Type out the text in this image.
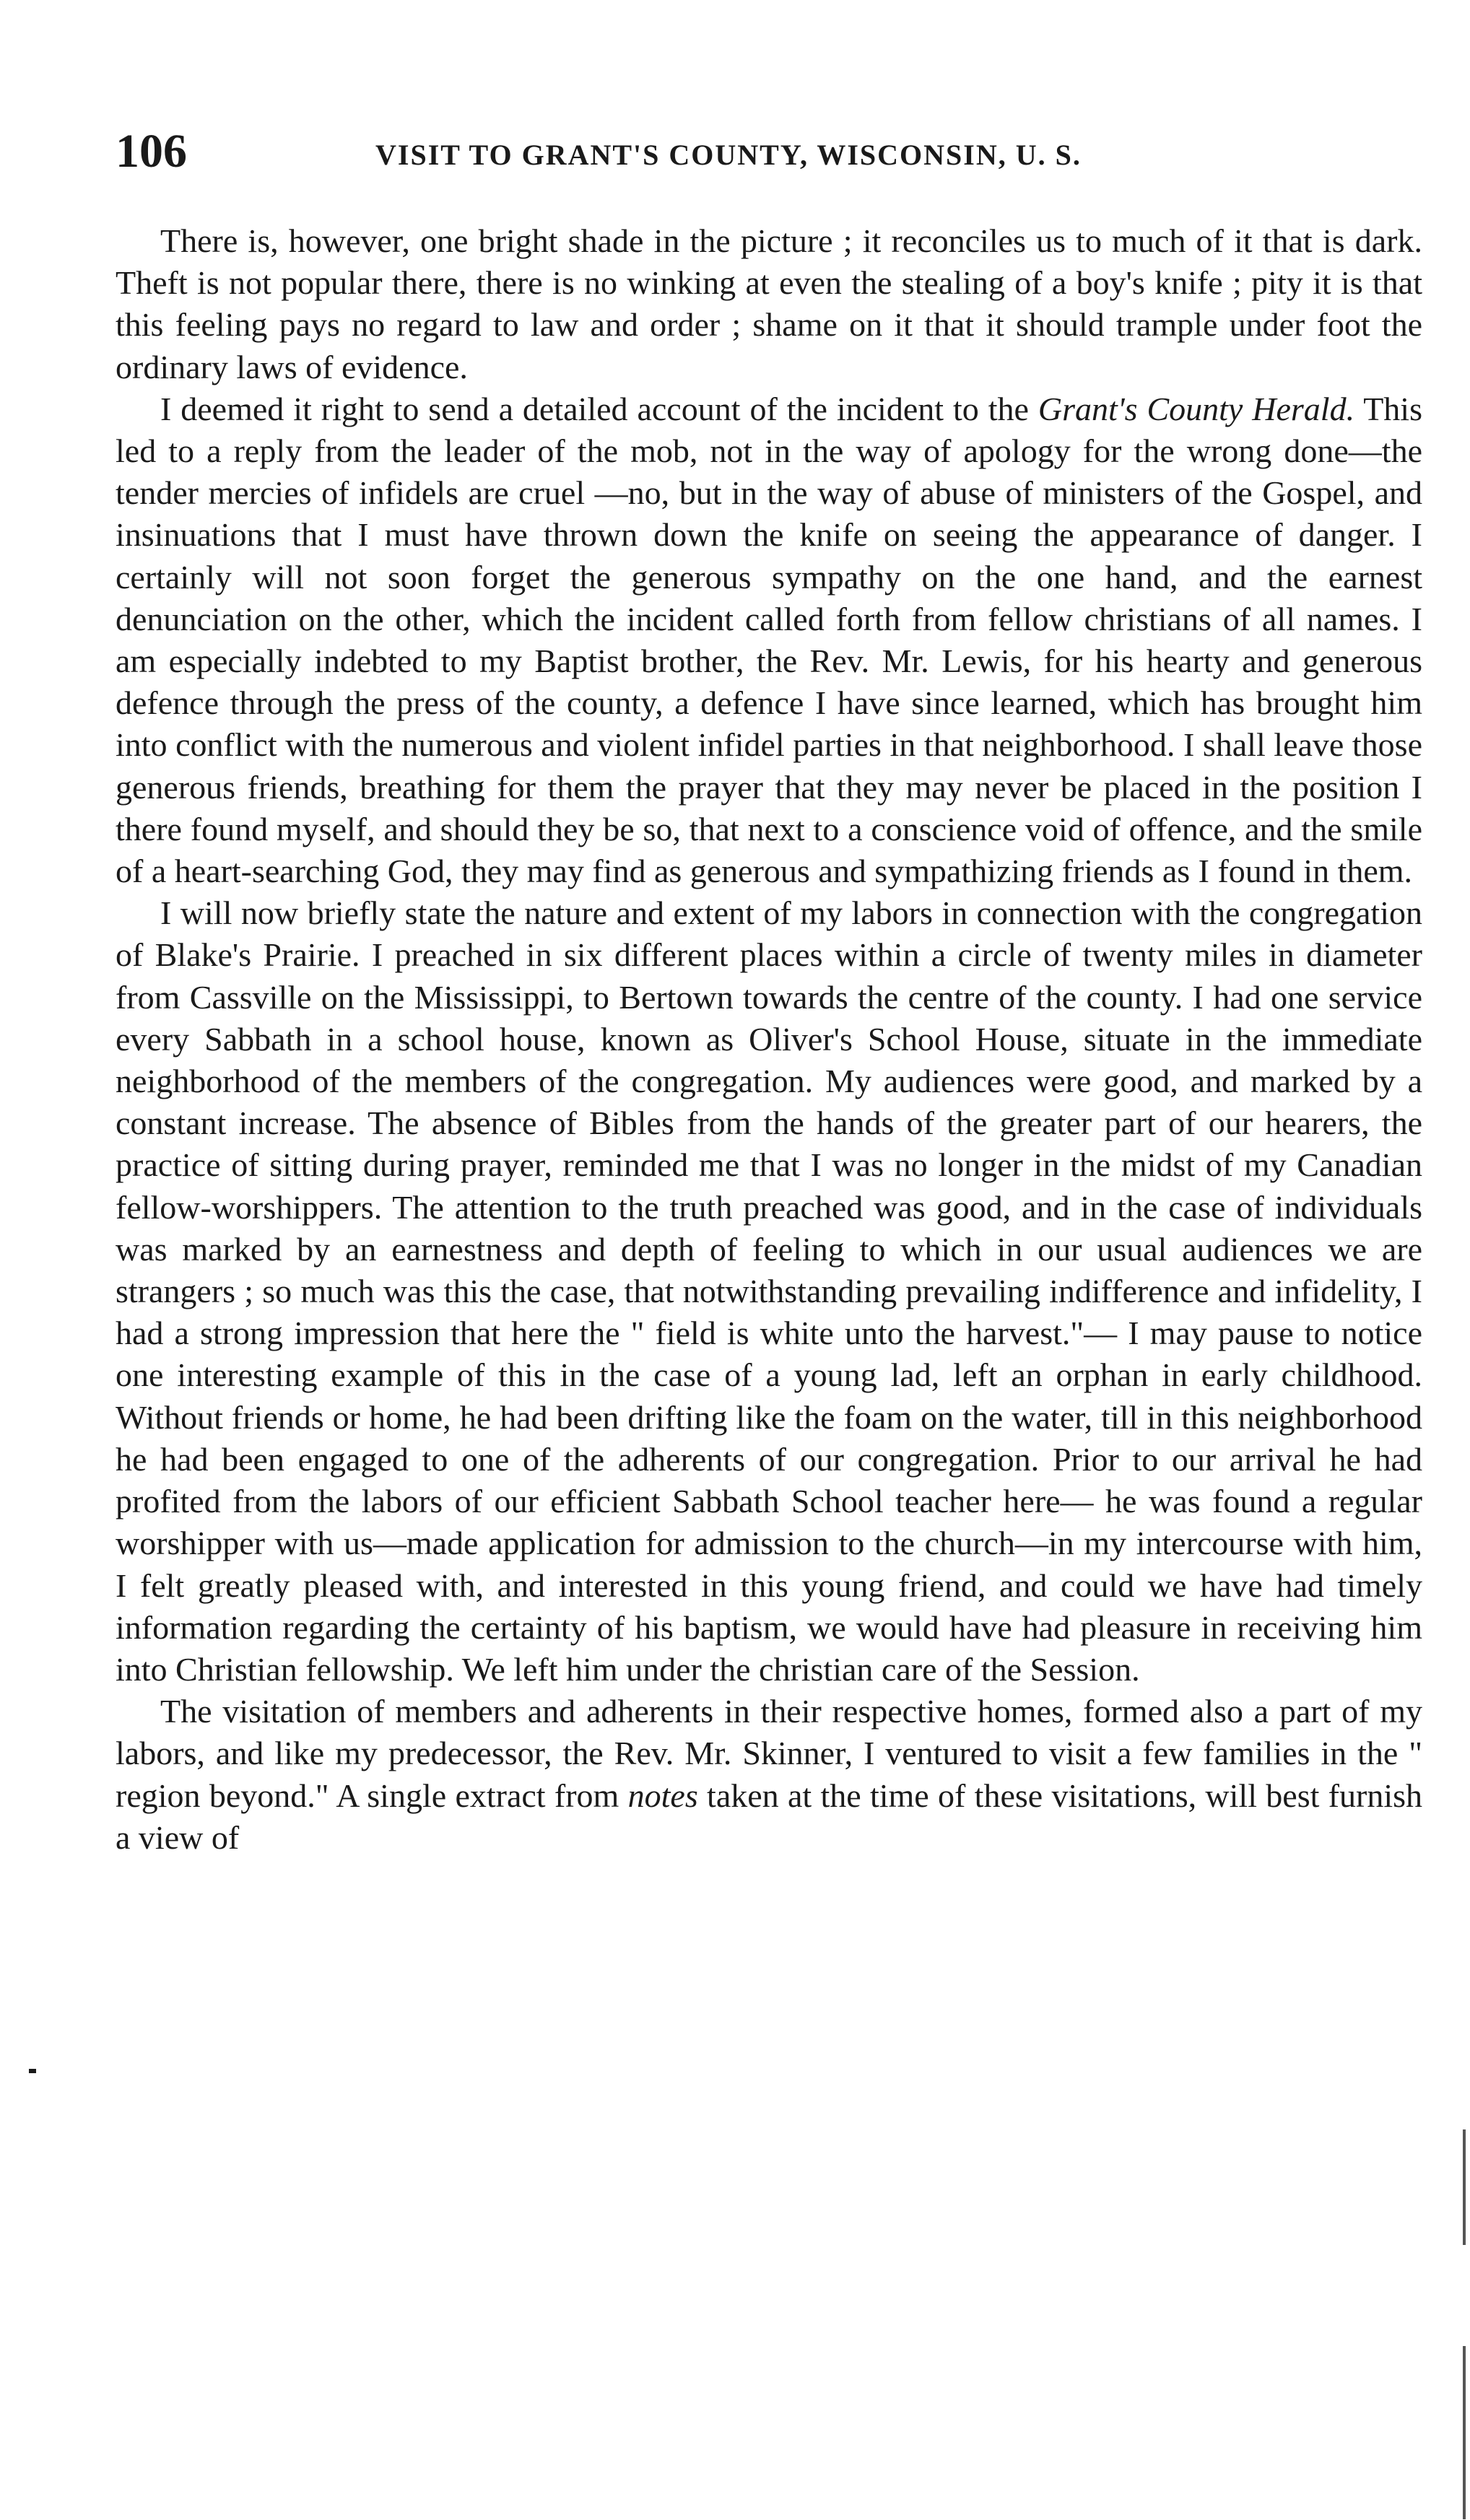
106	VISIT TO GRANT'S COUNTY, WISCONSIN, U. S.

There is, however, one bright shade in the picture ; it reconciles us to much of it that is dark. Theft is not popular there, there is no winking at even the stealing of a boy's knife ; pity it is that this feeling pays no regard to law and order ; shame on it that it should trample under foot the ordinary laws of evidence.

I deemed it right to send a detailed account of the incident to the Grant's County Herald. This led to a reply from the leader of the mob, not in the way of apology for the wrong done—the tender mercies of infidels are cruel —no, but in the way of abuse of ministers of the Gospel, and insinuations that I must have thrown down the knife on seeing the appearance of danger. I certainly will not soon forget the generous sympathy on the one hand, and the earnest denunciation on the other, which the incident called forth from fellow christians of all names. I am especially indebted to my Baptist brother, the Rev. Mr. Lewis, for his hearty and generous defence through the press of the county, a defence I have since learned, which has brought him into conflict with the numerous and violent infidel parties in that neighborhood. I shall leave those generous friends, breathing for them the prayer that they may never be placed in the position I there found myself, and should they be so, that next to a conscience void of offence, and the smile of a heart-searching God, they may find as generous and sympathizing friends as I found in them.

I will now briefly state the nature and extent of my labors in connection with the congregation of Blake's Prairie. I preached in six different places within a circle of twenty miles in diameter from Cassville on the Mississippi, to Bertown towards the centre of the county. I had one service every Sabbath in a school house, known as Oliver's School House, situate in the immediate neighborhood of the members of the congregation. My audiences were good, and marked by a constant increase. The absence of Bibles from the hands of the greater part of our hearers, the practice of sitting during prayer, reminded me that I was no longer in the midst of my Canadian fellow-worshippers. The attention to the truth preached was good, and in the case of individuals was marked by an earnestness and depth of feeling to which in our usual audiences we are strangers ; so much was this the case, that notwithstanding prevailing indifference and infidelity, I had a strong impression that here the " field is white unto the harvest."— I may pause to notice one interesting example of this in the case of a young lad, left an orphan in early childhood. Without friends or home, he had been drifting like the foam on the water, till in this neighborhood he had been engaged to one of the adherents of our congregation. Prior to our arrival he had profited from the labors of our efficient Sabbath School teacher here— he was found a regular worshipper with us—made application for admission to the church—in my intercourse with him, I felt greatly pleased with, and interested in this young friend, and could we have had timely information regarding the certainty of his baptism, we would have had pleasure in receiving him into Christian fellowship. We left him under the christian care of the Session.

The visitation of members and adherents in their respective homes, formed also a part of my labors, and like my predecessor, the Rev. Mr. Skinner, I ventured to visit a few families in the " region beyond." A single extract from notes taken at the time of these visitations, will best furnish a view of
